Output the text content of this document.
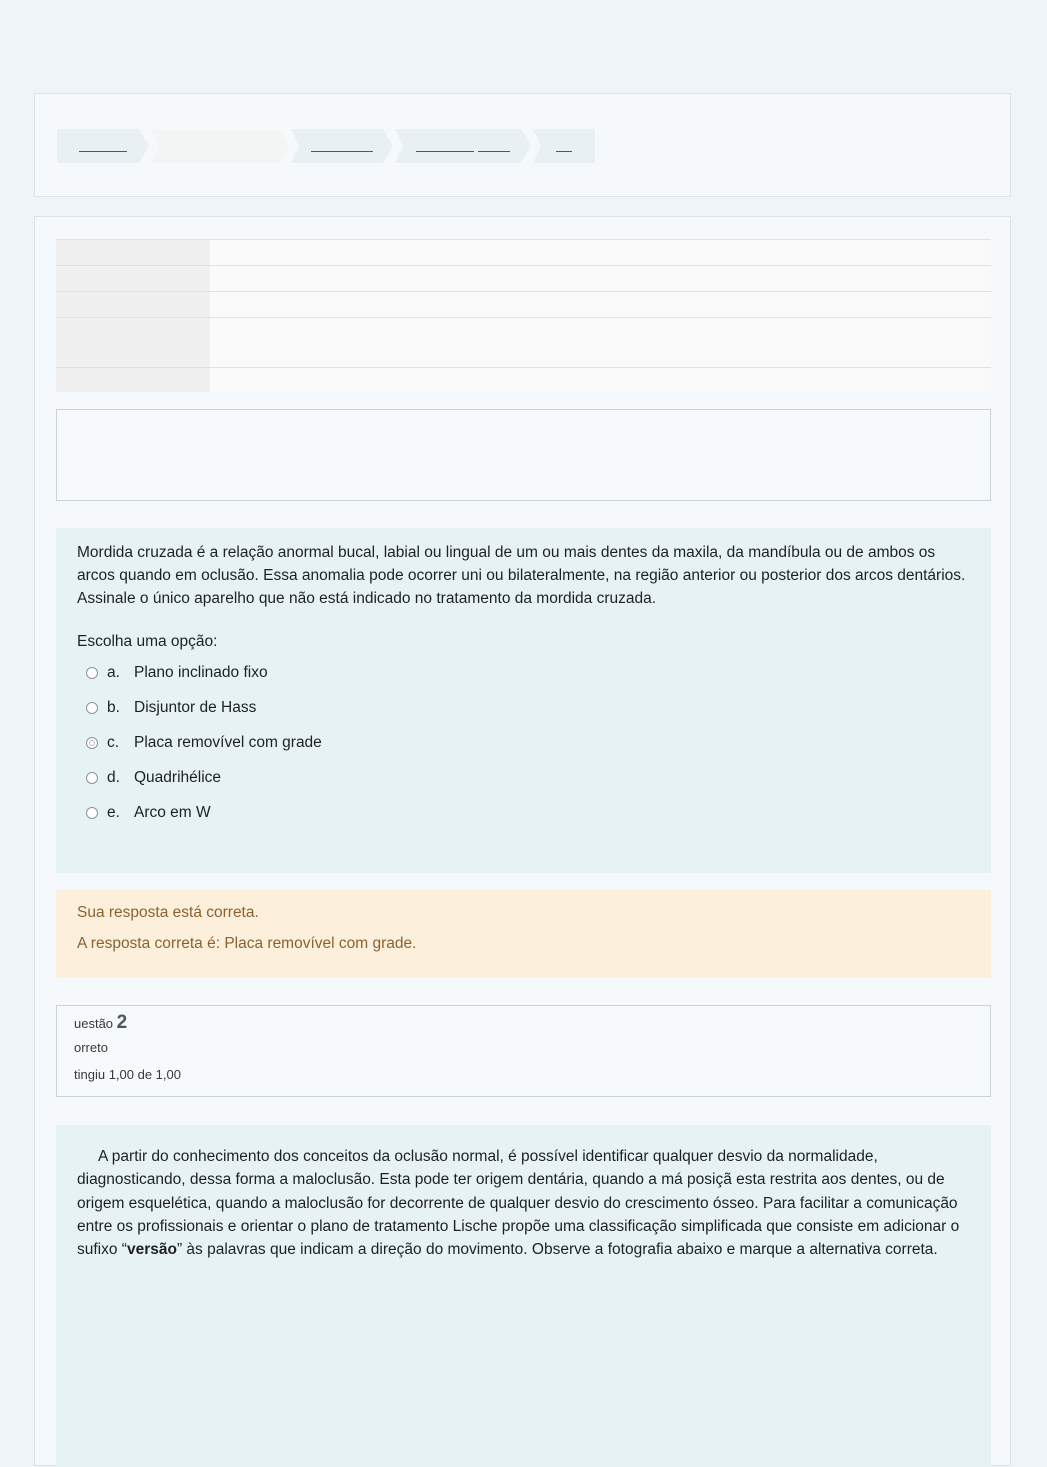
Mordida cruzada é a relação anormal bucal, labial ou lingual de um ou mais dentes da maxila, da mandíbula ou de ambos os arcos quando em oclusão. Essa anomalia pode ocorrer uni ou bilateralmente, na região anterior ou posterior dos arcos dentários. Assinale o único aparelho que não está indicado no tratamento da mordida cruzada.

Escolha uma opção:
a. Plano inclinado fixo
b. Disjuntor de Hass
c. Placa removível com grade
d. Quadrihélice
e. Arco em W
Sua resposta está correta.
A resposta correta é: Placa removível com grade.
uestão 2
orreto
tingiu 1,00 de 1,00

A partir do conhecimento dos conceitos da oclusão normal, é possível identificar qualquer desvio da normalidade, diagnosticando, dessa forma a maloclusão. Esta pode ter origem dentária, quando a má posiçã esta restrita aos dentes, ou de origem esquelética, quando a maloclusão for decorrente de qualquer desvio do crescimento ósseo. Para facilitar a comunicação entre os profissionais e orientar o plano de tratamento Lische propõe uma classificação simplificada que consiste em adicionar o sufixo “versão” às palavras que indicam a direção do movimento. Observe a fotografia abaixo e marque a alternativa correta.
